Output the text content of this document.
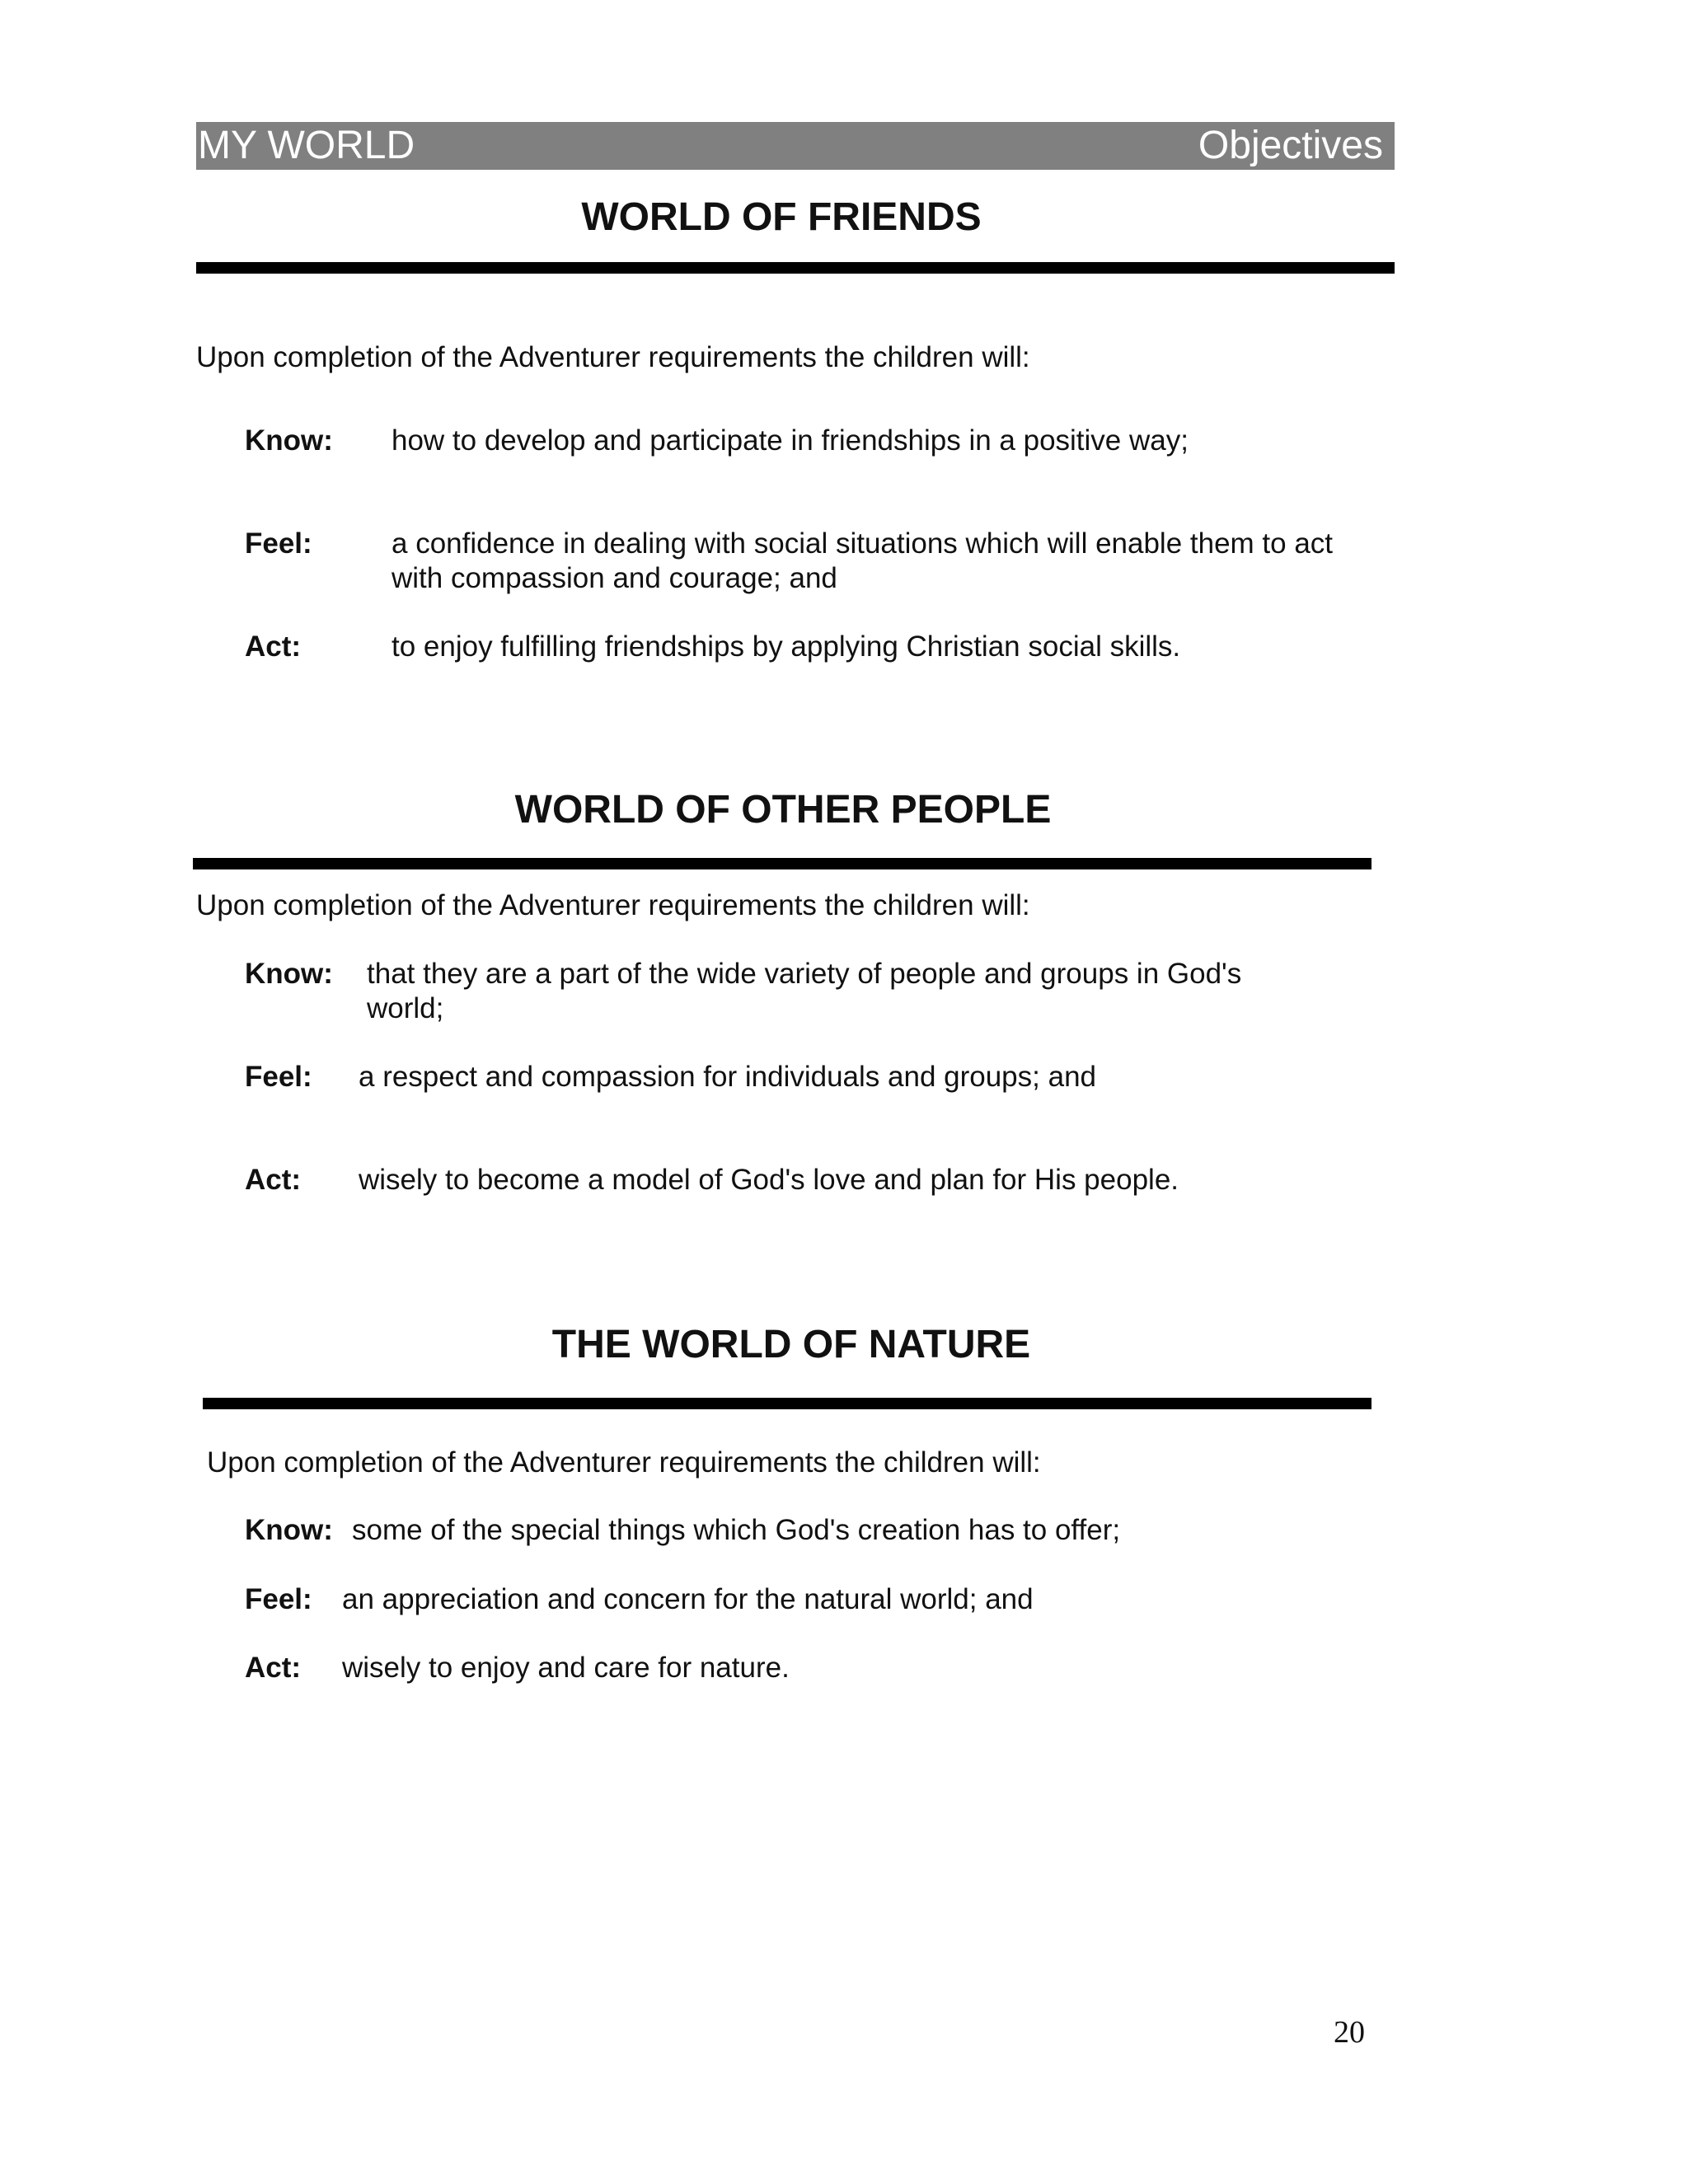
MY WORLD	Objectives
WORLD OF FRIENDS
Upon completion of the Adventurer requirements the children will:
Know: how to develop and participate in friendships in a positive way;
Feel:	a confidence in dealing with social situations which will enable them to act with compassion and courage; and
Act:	to enjoy fulfilling friendships by applying Christian social skills.
WORLD OF OTHER PEOPLE
Upon completion of the Adventurer requirements the children will:
Know: that they are a part of the wide variety of people and groups in God's world;
Feel: a respect and compassion for individuals and groups; and
Act: wisely to become a model of God's love and plan for His people.
THE WORLD OF NATURE
Upon completion of the Adventurer requirements the children will:
Know: some of the special things which God's creation has to offer;
Feel: an appreciation and concern for the natural world; and
Act: wisely to enjoy and care for nature.
20
